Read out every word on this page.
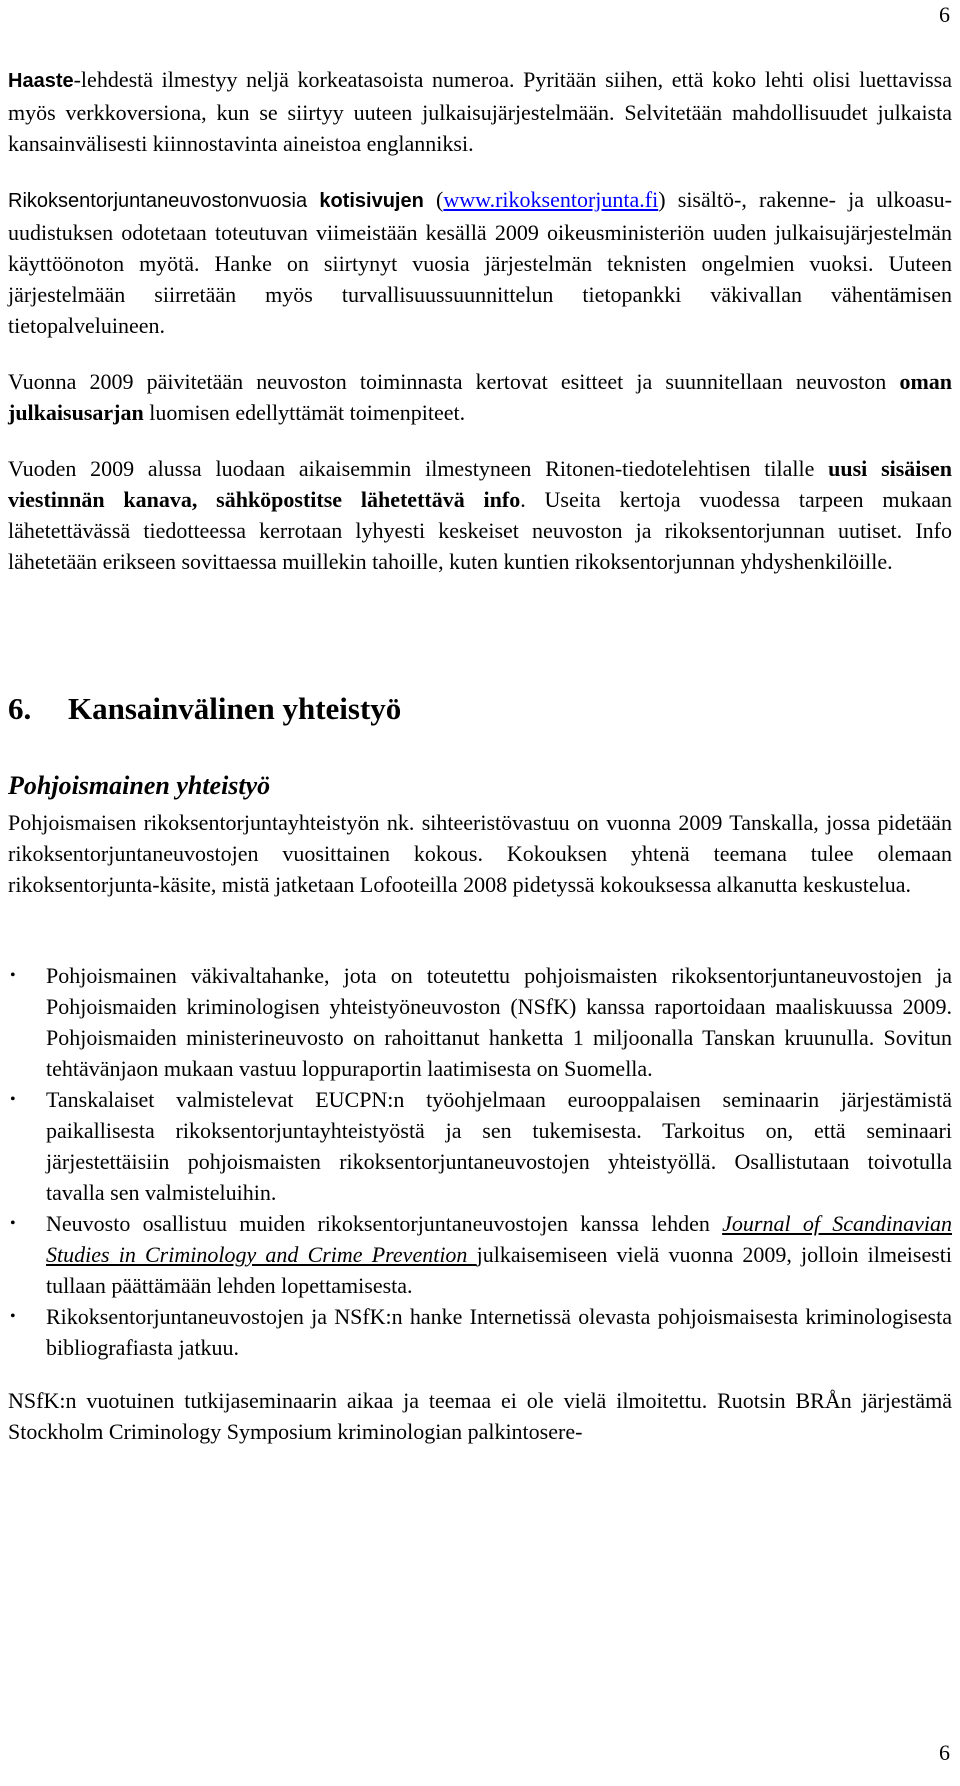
6

Haaste-lehdestä ilmestyy neljä korkeatasoista numeroa. Pyritään siihen, että koko lehti olisi luettavissa myös verkkoversiona, kun se siirtyy uuteen julkaisujärjestelmään. Selvitetään mahdollisuudet julkaista kansainvälisesti kiinnostavinta aineistoa englanniksi.

Rikoksentorjuntaneuvostonvuosia kotisivujen (www.rikoksentorjunta.fi) sisältö-, rakenne- ja ulkoasu-uudistuksen odotetaan toteutuvan viimeistään kesällä 2009 oikeusministeriön uuden julkaisujärjestelmän käyttöönoton myötä. Hanke on siirtynyt vuosia järjestelmän teknisten ongelmien vuoksi. Uuteen järjestelmään siirretään myös turvallisuussuunnittelun tietopankki väkivallan vähentämisen tietopalveluineen.

Vuonna 2009 päivitetään neuvoston toiminnasta kertovat esitteet ja suunnitellaan neuvoston oman julkaisusarjan luomisen edellyttämät toimenpiteet.

Vuoden 2009 alussa luodaan aikaisemmin ilmestyneen Ritonen-tiedotelehtisen tilalle uusi sisäisen viestinnän kanava, sähköpostitse lähetettävä info. Useita kertoja vuodessa tarpeen mukaan lähetettävässä tiedotteessa kerrotaan lyhyesti keskeiset neuvoston ja rikoksentorjunnan uutiset. Info lähetetään erikseen sovittaessa muillekin tahoille, kuten kuntien rikoksentorjunnan yhdyshenkilöille.

6. Kansainvälinen yhteistyö
Pohjoismainen yhteistyö

Pohjoismaisen rikoksentorjuntayhteistyön nk. sihteeristövastuu on vuonna 2009 Tanskalla, jossa pidetään rikoksentorjuntaneuvostojen vuosittainen kokous. Kokouksen yhtenä teemana tulee olemaan rikoksentorjunta-käsite, mistä jatketaan Lofooteilla 2008 pidetyssä kokouksessa alkanutta keskustelua.

• Pohjoismainen väkivaltahanke, jota on toteutettu pohjoismaisten rikoksentorjuntaneuvostojen ja Pohjoismaiden kriminologisen yhteistyöneuvoston (NSfK) kanssa raportoidaan maaliskuussa 2009. Pohjoismaiden ministerineuvosto on rahoittanut hanketta 1 miljoonalla Tanskan kruunulla. Sovitun tehtävänjaon mukaan vastuu loppuraportin laatimisesta on Suomella.
• Tanskalaiset valmistelevat EUCPN:n työohjelmaan eurooppalaisen seminaarin järjestämistä paikallisesta rikoksentorjuntayhteistyöstä ja sen tukemisesta. Tarkoitus on, että seminaari järjestettäisiin pohjoismaisten rikoksentorjuntaneuvostojen yhteistyöllä. Osallistutaan toivotulla tavalla sen valmisteluihin.
• Neuvosto osallistuu muiden rikoksentorjuntaneuvostojen kanssa lehden Journal of Scandinavian Studies in Criminology and Crime Prevention julkaisemiseen vielä vuonna 2009, jolloin ilmeisesti tullaan päättämään lehden lopettamisesta.
• Rikoksentorjuntaneuvostojen ja NSfK:n hanke Internetissä olevasta pohjoismaisesta kriminologisesta bibliografiasta jatkuu.

NSfK:n vuotuinen tutkijaseminaarin aikaa ja teemaa ei ole vielä ilmoitettu. Ruotsin BRÅn järjestämä Stockholm Criminology Symposium kriminologian palkintosere-

6
